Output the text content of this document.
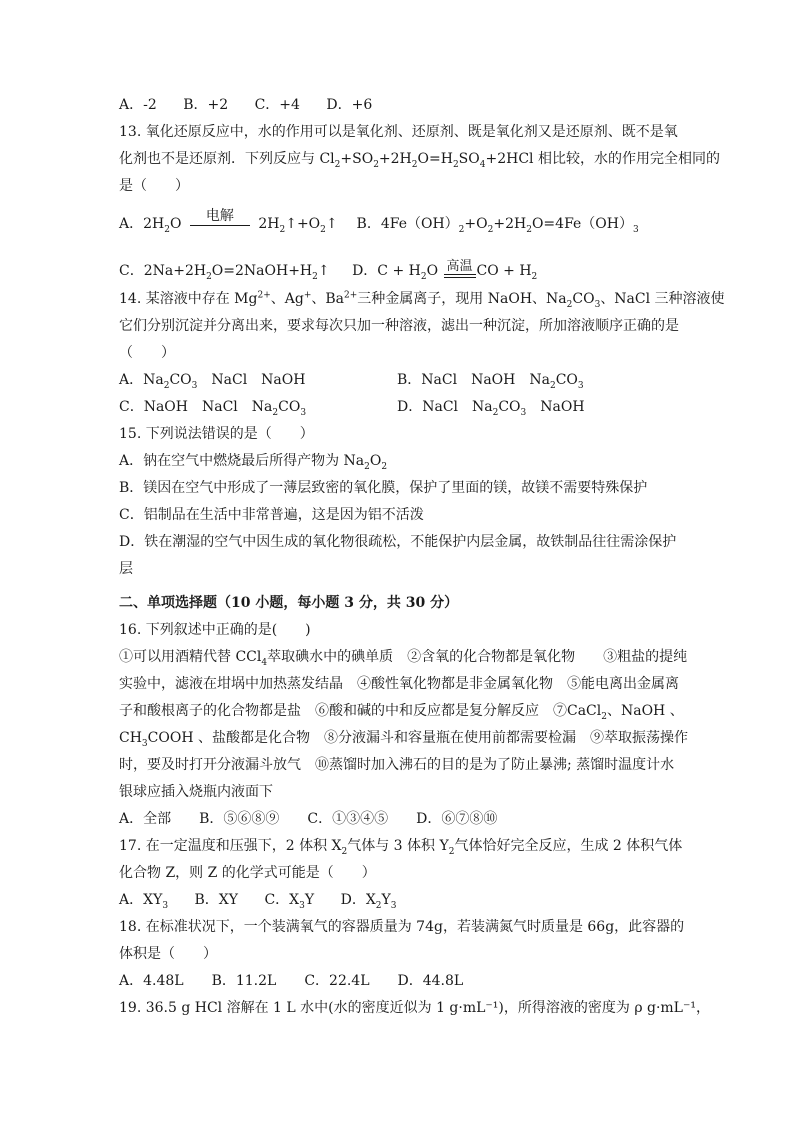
A．-2 B．+2 C．+4 D．+6
13. 氧化还原反应中，水的作用可以是氧化剂、还原剂、既是氧化剂又是还原剂、既不是氧
化剂也不是还原剂．下列反应与 $Cl_2+SO_2+2H_2O=H_2SO_4+2HCl$ 相比较，水的作用完全相同的
是（　　）
A．$2H_2O$	电解	$2H_2↑+O_2↑$ B．$4Fe(OH)_2+O_2+2H_2O=4Fe(OH)_3$
C．$2Na+2H_2O=2NaOH+H_2↑$ D．$C + H_2O$ 高温 CO + $H_2$
14. 某溶液中存在 $Mg^{2+}$、Ag+、$Ba^{2+}$三种金属离子，现用 NaOH、$Na_2CO_3$、NaCl 三种溶液使
它们分别沉淀并分离出来，要求每次只加一种溶液，滤出一种沉淀，所加溶液顺序正确的是
（　　）
A．$Na_2CO_3$　NaCl　NaOH	B．NaCl　NaOH　$Na_2CO_3$
C．NaOH　NaCl　$Na_2CO_3$	D．NaCl　$Na_2CO_3$　NaOH
15. 下列说法错误的是（　　）
A．钠在空气中燃烧最后所得产物为 $Na_2O_2$
B．镁因在空气中形成了一薄层致密的氧化膜，保护了里面的镁，故镁不需要特殊保护
C．铝制品在生活中非常普遍，这是因为铝不活泼
D．铁在潮湿的空气中因生成的氧化物很疏松，不能保护内层金属，故铁制品往往需涂保护
层
二、单项选择题（10 小题，每小题 3 分，共 30 分）
16. 下列叙述中正确的是(　　)
①可以用酒精代替 CCl$_4$萃取碘水中的碘单质　②含氧的化合物都是氧化物　　③粗盐的提纯
实验中，滤液在坩埚中加热蒸发结晶　④酸性氧化物都是非金属氧化物　⑤能电离出金属离
子和酸根离子的化合物都是盐　⑥酸和碱的中和反应都是复分解反应　⑦CaCl$_2$、NaOH 、
$CH_3COOH$ 、盐酸都是化合物　⑧分液漏斗和容量瓶在使用前都需要检漏　⑨萃取振荡操作
时，要及时打开分液漏斗放气　⑩蒸馏时加入沸石的目的是为了防止暴沸; 蒸馏时温度计水
银球应插入烧瓶内液面下
A．全部　　B．⑤⑥⑧⑨　　C．①③④⑤　　D．⑥⑦⑧⑩
17. 在一定温度和压强下，2 体积 $X_2$气体与 3 体积 $Y_2$气体恰好完全反应，生成 2 体积气体
化合物 Z，则 Z 的化学式可能是（　　）
A．$XY_3$ B．XY C．$X_3Y$ D．$X_2Y_3$
18. 在标准状况下，一个装满氧气的容器质量为 74g，若装满氮气时质量是 66g，此容器的
体积是（　　）
A．4.48L　　B．11.2L　　C．22.4L　　D．44.8L
19. 36.5 g HCl 溶解在 1 L 水中(水的密度近似为 1 g·mL⁻¹)，所得溶液的密度为 ρ g·mL⁻¹，
